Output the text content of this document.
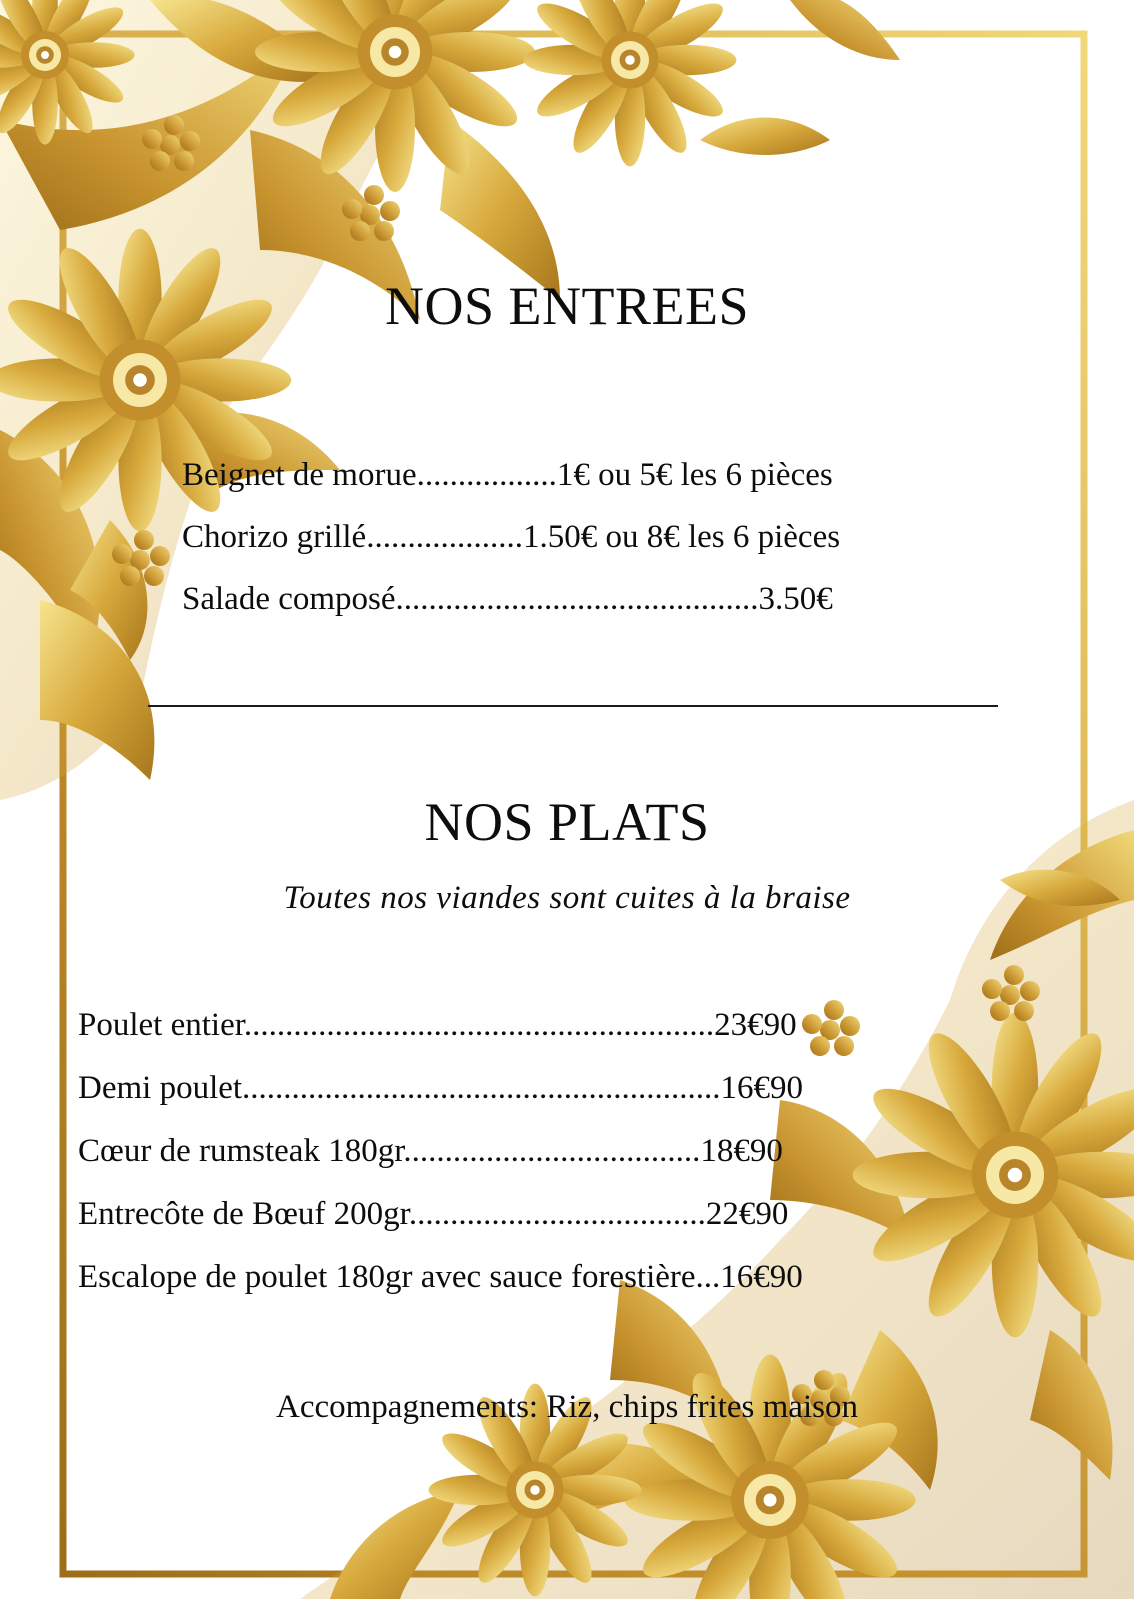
NOS ENTREES
Beignet de morue.................1€ ou 5€ les 6 pièces
Chorizo grillé...................1.50€ ou 8€ les 6 pièces
Salade composé............................................3.50€
NOS PLATS
Toutes nos viandes sont cuites à la braise
Poulet entier.........................................................23€90
Demi poulet..........................................................16€90
Cœur de rumsteak 180gr....................................18€90
Entrecôte de Bœuf 200gr....................................22€90
Escalope de poulet 180gr avec sauce forestière...16€90
Accompagnements: Riz, chips frites maison
